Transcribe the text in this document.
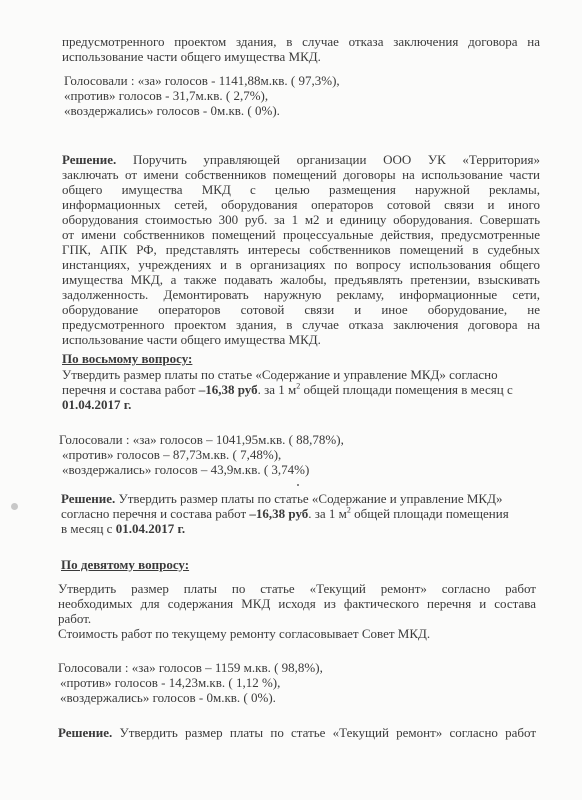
предусмотренного проектом здания, в случае отказа заключения договора на
использование части общего имущества МКД.
Голосовали : «за» голосов - 1141,88м.кв. ( 97,3%),
«против» голосов - 31,7м.кв. ( 2,7%),
«воздержались» голосов - 0м.кв. ( 0%).
Решение. Поручить управляющей организации ООО УК «Территория»
заключать от имени собственников помещений договоры на использование части
общего имущества МКД с целью размещения наружной рекламы,
информационных сетей, оборудования операторов сотовой связи и иного
оборудования стоимостью 300 руб. за 1 м2 и единицу оборудования. Совершать
от имени собственников помещений процессуальные действия, предусмотренные
ГПК, АПК РФ, представлять интересы собственников помещений в судебных
инстанциях, учреждениях и в организациях по вопросу использования общего
имущества МКД, а также подавать жалобы, предъявлять претензии, взыскивать
задолженность. Демонтировать наружную рекламу, информационные сети,
оборудование операторов сотовой связи и иное оборудование, не
предусмотренного проектом здания, в случае отказа заключения договора на
использование части общего имущества МКД.
По восьмому вопросу:
Утвердить размер платы по статье «Содержание и управление МКД» согласно
перечня и состава работ –16,38 руб. за 1 $м^2$ общей площади помещения в месяц с
01.04.2017 г.
Голосовали : «за» голосов – 1041,95м.кв. ( 88,78%),
«против» голосов – 87,73м.кв. ( 7,48%),
«воздержались» голосов – 43,9м.кв. ( 3,74%)
Решение. Утвердить размер платы по статье «Содержание и управление МКД»
согласно перечня и состава работ –16,38 руб. за 1 $м^2$ общей площади помещения
в месяц с 01.04.2017 г.
По девятому вопросу:
Утвердить размер платы по статье «Текущий ремонт» согласно работ
необходимых для содержания МКД исходя из фактического перечня и состава
работ.
Стоимость работ по текущему ремонту согласовывает Совет МКД.
Голосовали : «за» голосов – 1159 м.кв. ( 98,8%),
«против» голосов - 14,23м.кв. ( 1,12 %),
«воздержались» голосов - 0м.кв. ( 0%).
Решение. Утвердить размер платы по статье «Текущий ремонт» согласно работ
